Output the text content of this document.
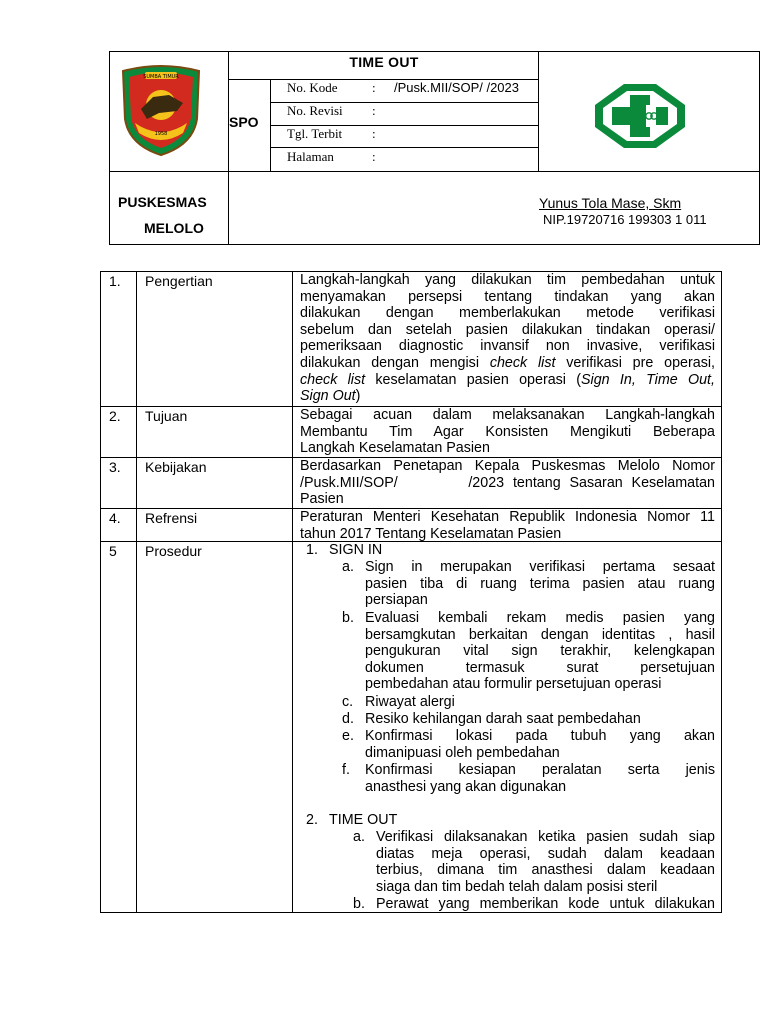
SUMBA TIMUR
1958
TIME OUT
SPO
No. Kode	: /Pusk.MII/SOP/ /2023
No. Revisi :
Tgl. Terbit :
Halaman	:
PUSKESMAS
MELOLO
Yunus Tola Mase, Skm
NIP.19720716 199303 1 011
1. Pengertian
2. Tujuan
3. Kebijakan
4. Refrensi
5 Prosedur
Langkah-langkah yang dilakukan tim pembedahan untuk
menyamakan persepsi tentang tindakan yang akan
dilakukan dengan memberlakukan metode verifikasi
sebelum dan setelah pasien dilakukan tindakan operasi/
pemeriksaan diagnostic invansif non invasive, verifikasi
dilakukan dengan mengisi check list verifikasi pre operasi,
check list keselamatan pasien operasi (Sign In, Time Out,
Sign Out)
Sebagai acuan dalam melaksanakan Langkah-langkah
Membantu Tim Agar Konsisten Mengikuti Beberapa
Langkah Keselamatan Pasien
Berdasarkan Penetapan Kepala Puskesmas Melolo Nomor
/Pusk.MII/SOP/        /2023 tentang Sasaran Keselamatan
Pasien
Peraturan Menteri Kesehatan Republik Indonesia Nomor 11
tahun 2017 Tentang Keselamatan Pasien
1. SIGN IN
a. Sign in merupakan verifikasi pertama sesaat
pasien tiba di ruang terima pasien atau ruang
persiapan
b. Evaluasi kembali rekam medis pasien yang
bersamgkutan berkaitan dengan identitas , hasil
pengukuran vital sign terakhir, kelengkapan
dokumen termasuk surat persetujuan
pembedahan atau formulir persetujuan operasi
c. Riwayat alergi
d. Resiko kehilangan darah saat pembedahan
e. Konfirmasi lokasi pada tubuh yang akan
dimanipuasi oleh pembedahan
f. Konfirmasi kesiapan peralatan serta jenis
anasthesi yang akan digunakan
2. TIME OUT
a. Verifikasi dilaksanakan ketika pasien sudah siap
diatas meja operasi, sudah dalam keadaan
terbius, dimana tim anasthesi dalam keadaan
siaga dan tim bedah telah dalam posisi steril
b. Perawat yang memberikan kode untuk dilakukan
